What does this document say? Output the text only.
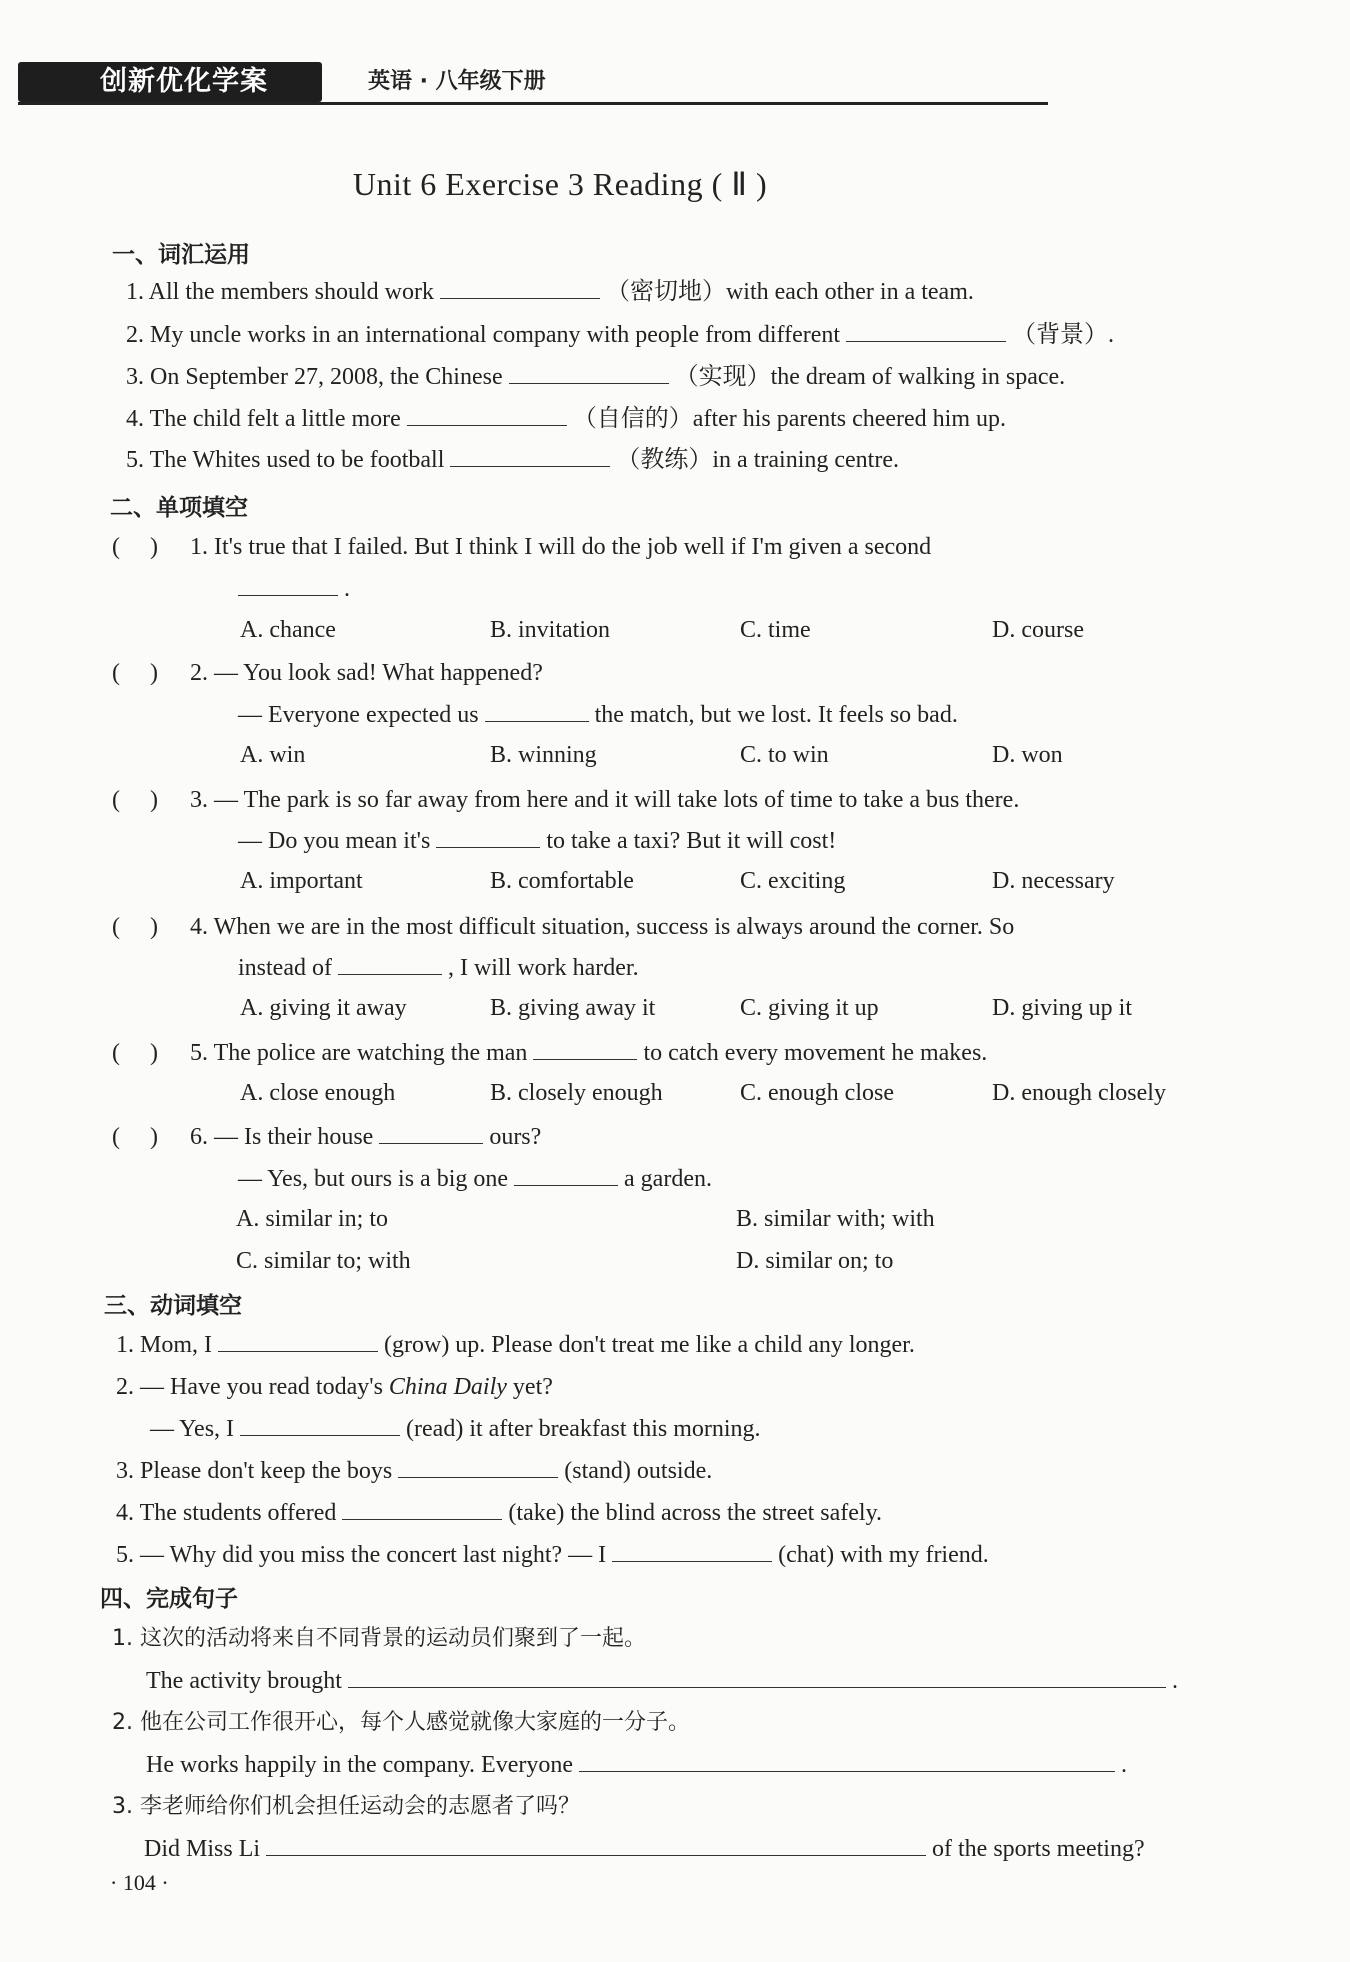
创新优化学案	英语 · 八年级下册
Unit 6 Exercise 3 Reading ( Ⅱ )
一、词汇运用
1. All the members should work	（密切地）with each other in a team.
2. My uncle works in an international company with people from different	（背景）.
3. On September 27, 2008, the Chinese	（实现）the dream of walking in space.
4. The child felt a little more	（自信的）after his parents cheered him up.
5. The Whites used to be football	（教练）in a training centre.
二、单项填空
(     ) 1. It's true that I failed. But I think I will do the job well if I'm given a second
.
A. chance	B. invitation	C. time	D. course
(     ) 2. — You look sad! What happened?
— Everyone expected us	the match, but we lost. It feels so bad.
A. win	B. winning	C. to win	D. won
(     ) 3. — The park is so far away from here and it will take lots of time to take a bus there.
— Do you mean it's	to take a taxi? But it will cost!
A. important	B. comfortable	C. exciting	D. necessary
(     ) 4. When we are in the most difficult situation, success is always around the corner. So
instead of	, I will work harder.
A. giving it away	B. giving away it	C. giving it up	D. giving up it
(     ) 5. The police are watching the man	to catch every movement he makes.
A. close enough	B. closely enough	C. enough close	D. enough closely
(     ) 6. — Is their house	ours?
— Yes, but ours is a big one	a garden.
A. similar in; to	B. similar with; with
C. similar to; with	D. similar on; to
三、动词填空
1. Mom, I	(grow) up. Please don't treat me like a child any longer.
2. — Have you read today's China Daily yet?
— Yes, I	(read) it after breakfast this morning.
3. Please don't keep the boys	(stand) outside.
4. The students offered	(take) the blind across the street safely.
5. — Why did you miss the concert last night? — I	(chat) with my friend.
四、完成句子
1. 这次的活动将来自不同背景的运动员们聚到了一起。
The activity brought	.
2. 他在公司工作很开心，每个人感觉就像大家庭的一分子。
He works happily in the company. Everyone	.
3. 李老师给你们机会担任运动会的志愿者了吗？
Did Miss Li	of the sports meeting?
· 104 ·
